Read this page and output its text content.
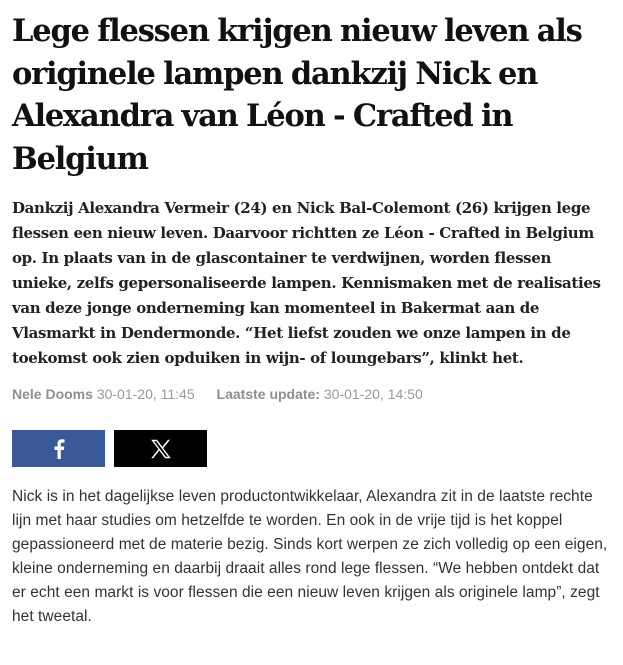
Lege flessen krijgen nieuw leven als originele lampen dankzij Nick en Alexandra van Léon - Crafted in Belgium

Dankzij Alexandra Vermeir (24) en Nick Bal-Colemont (26) krijgen lege flessen een nieuw leven. Daarvoor richtten ze Léon - Crafted in Belgium op. In plaats van in de glascontainer te verdwijnen, worden flessen unieke, zelfs gepersonaliseerde lampen. Kennismaken met de realisaties van deze jonge onderneming kan momenteel in Bakermat aan de Vlasmarkt in Dendermonde. “Het liefst zouden we onze lampen in de toekomst ook zien opduiken in wijn- of loungebars”, klinkt het.

Nele Dooms 30-01-20, 11:45 Laatste update: 30-01-20, 14:50

Nick is in het dagelijkse leven productontwikkelaar, Alexandra zit in de laatste rechte lijn met haar studies om hetzelfde te worden. En ook in de vrije tijd is het koppel gepassioneerd met de materie bezig. Sinds kort werpen ze zich volledig op een eigen, kleine onderneming en daarbij draait alles rond lege flessen. “We hebben ontdekt dat er echt een markt is voor flessen die een nieuw leven krijgen als originele lamp”, zegt het tweetal.
